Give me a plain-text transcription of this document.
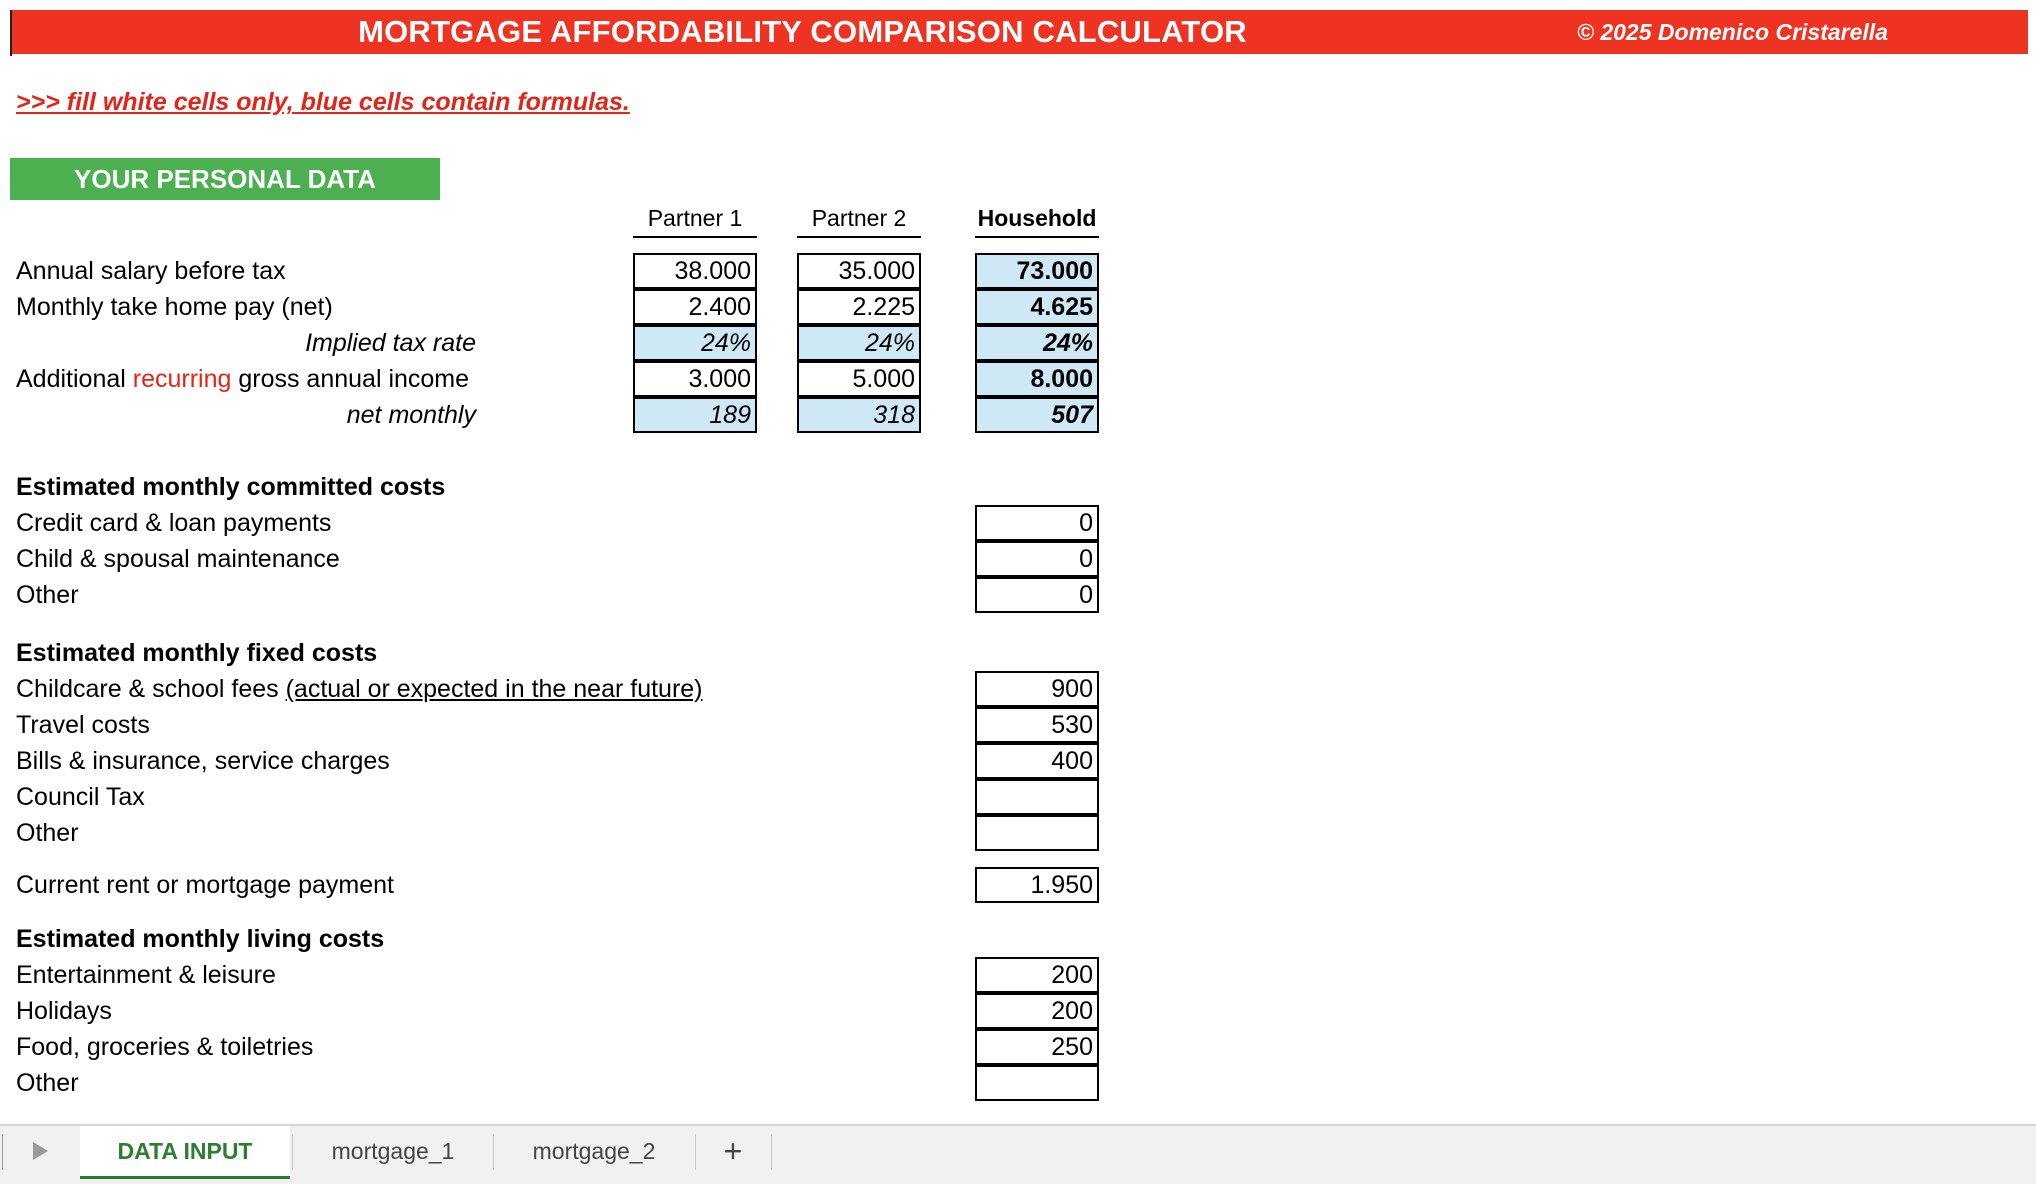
MORTGAGE AFFORDABILITY COMPARISON CALCULATOR	© 2025 Domenico Cristarella
>>> fill white cells only, blue cells contain formulas.
YOUR PERSONAL DATA
Partner 1	Partner 2	Household
Annual salary before tax	38.000	35.000	73.000
Monthly take home pay (net)	2.400	2.225	4.625
Implied tax rate	24%	24%	24%
Additional recurring gross annual income	3.000	5.000	8.000
net monthly	189	318	507
Estimated monthly committed costs
Credit card & loan payments	0
Child & spousal maintenance	0
Other	0
Estimated monthly fixed costs
Childcare & school fees (actual or expected in the near future)	900
Travel costs	530
Bills & insurance, service charges	400
Council Tax
Other
Current rent or mortgage payment	1.950
Estimated monthly living costs
Entertainment & leisure	200
Holidays	200
Food, groceries & toiletries	250
Other
DATA INPUT	mortgage_1	mortgage_2	+
